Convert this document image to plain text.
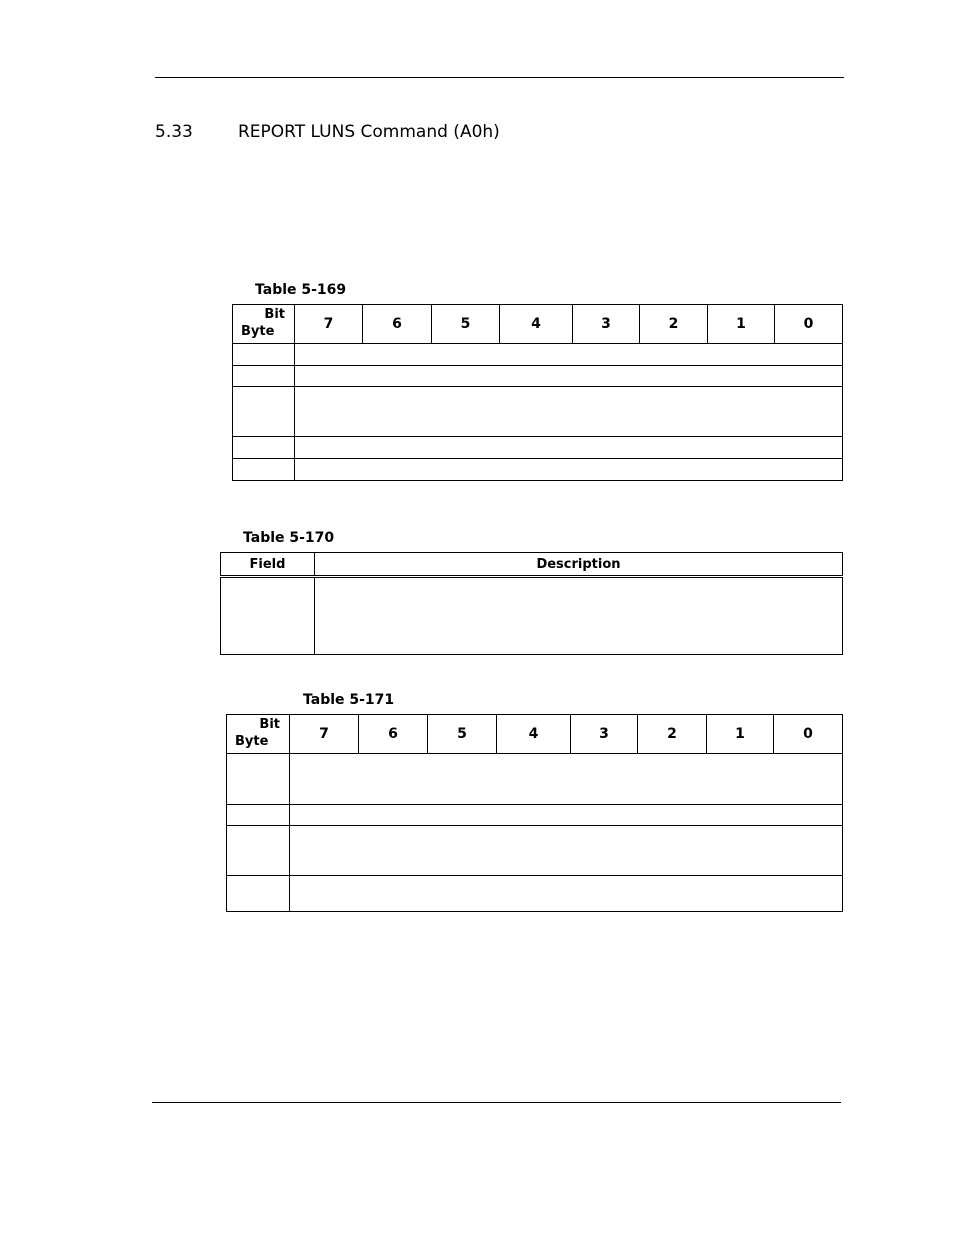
5.33	REPORT LUNS Command (A0h)
Table 5-169
Bit
Byte	7	6	5	4	3	2	1	0

Table 5-170
Field	Description

Table 5-171
Bit
Byte	7	6	5	4	3	2	1	0
